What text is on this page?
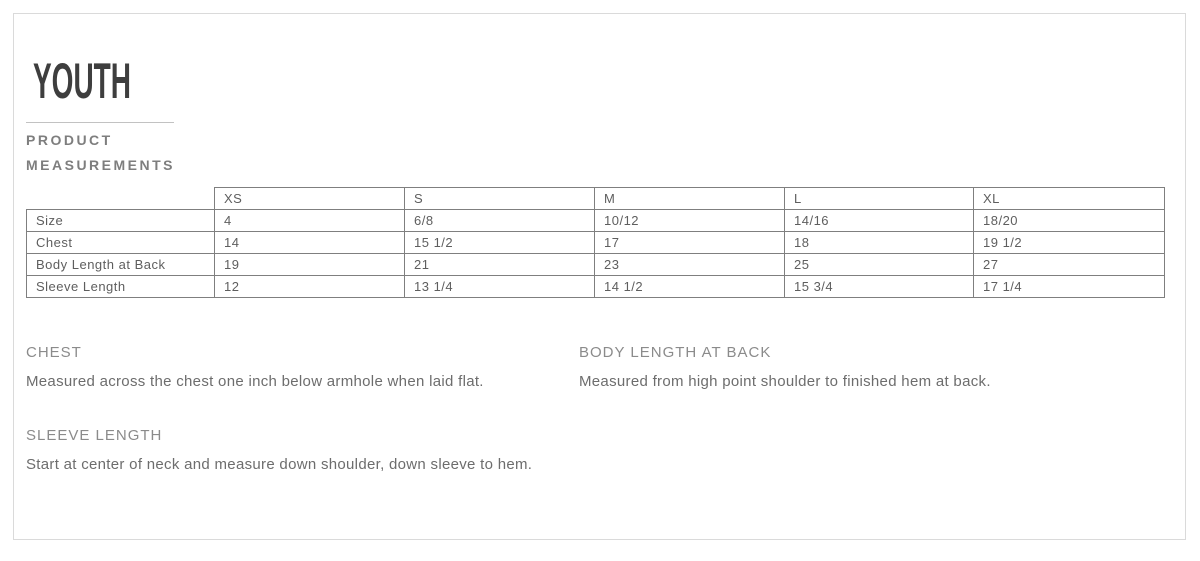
YOUTH
PRODUCT
MEASUREMENTS
	XS	S	M	L	XL
Size	4	6/8	10/12	14/16	18/20
Chest	14	15 1/2	17	18	19 1/2
Body Length at Back	19	21	23	25	27
Sleeve Length	12	13 1/4	14 1/2	15 3/4	17 1/4
CHEST
Measured across the chest one inch below armhole when laid flat.
BODY LENGTH AT BACK
Measured from high point shoulder to finished hem at back.
SLEEVE LENGTH
Start at center of neck and measure down shoulder, down sleeve to hem.
